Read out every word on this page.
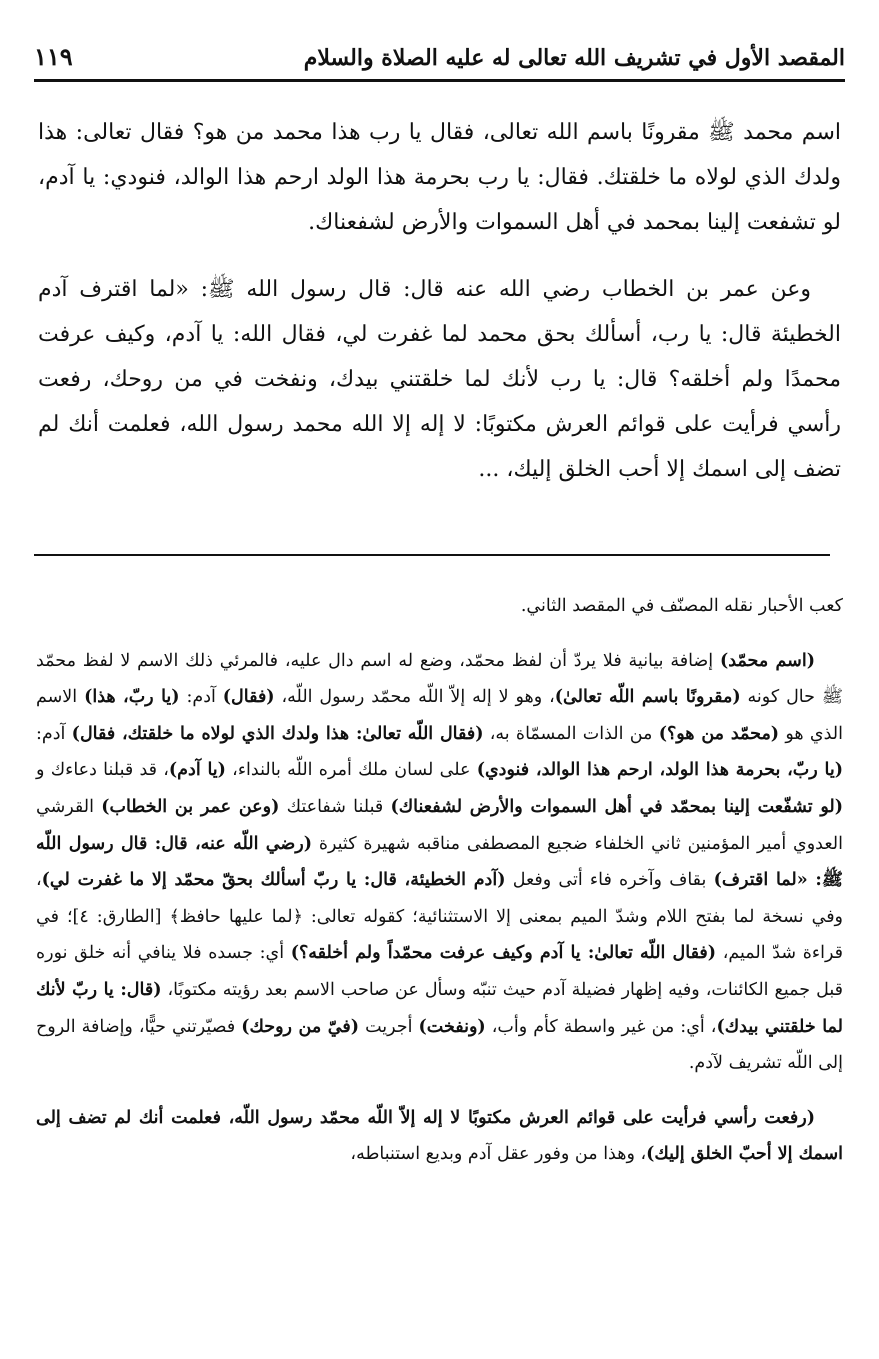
المقصد الأول في تشريف الله تعالى له عليه الصلاة والسلام
١١٩

اسم محمد ﷺ مقرونًا باسم الله تعالى، فقال يا رب هذا محمد من هو؟ فقال تعالى: هذا ولدك الذي لولاه ما خلقتك. فقال: يا رب بحرمة هذا الولد ارحم هذا الوالد، فنودي: يا آدم، لو تشفعت إلينا بمحمد في أهل السموات والأرض لشفعناك.

وعن عمر بن الخطاب رضي الله عنه قال: قال رسول الله ﷺ: «لما اقترف آدم الخطيئة قال: يا رب، أسألك بحق محمد لما غفرت لي، فقال الله: يا آدم، وكيف عرفت محمدًا ولم أخلقه؟ قال: يا رب لأنك لما خلقتني بيدك، ونفخت في من روحك، رفعت رأسي فرأيت على قوائم العرش مكتوبًا: لا إله إلا الله محمد رسول الله، فعلمت أنك لم تضف إلى اسمك إلا أحب الخلق إليك، ...

كعب الأحبار نقله المصنّف في المقصد الثاني.

(اسم محمّد) إضافة بيانية فلا يردّ أن لفظ محمّد، وضع له اسم دال عليه، فالمرئي ذلك الاسم لا لفظ محمّد ﷺ حال كونه (مقرونًا باسم اللّه تعالىٰ)، وهو لا إله إلاّ اللّه محمّد رسول اللّه، (فقال) آدم: (يا ربّ، هذا) الاسم الذي هو (محمّد من هو؟) من الذات المسمّاة به، (فقال اللّه تعالىٰ: هذا ولدك الذي لولاه ما خلقتك، فقال) آدم: (يا ربّ، بحرمة هذا الولد، ارحم هذا الوالد، فنودي) على لسان ملك أمره اللّه بالنداء، (يا آدم)، قد قبلنا دعاءك و (لو تشفّعت إلينا بمحمّد في أهل السموات والأرض لشفعناك) قبلنا شفاعتك (وعن عمر بن الخطاب) القرشي العدوي أمير المؤمنين ثاني الخلفاء ضجيع المصطفى مناقبه شهيرة كثيرة (رضي اللّه عنه، قال: قال رسول اللّه ﷺ: «لما اقترف) بقاف وآخره فاء أتى وفعل (آدم الخطيئة، قال: يا ربّ أسألك بحقّ محمّد إلا ما غفرت لي)، وفي نسخة لما بفتح اللام وشدّ الميم بمعنى إلا الاستثنائية؛ كقوله تعالى: ﴿لما عليها حافظ﴾ [الطارق: ٤]؛ في قراءة شدّ الميم، (فقال اللّه تعالىٰ: يا آدم وكيف عرفت محمّداً ولم أخلقه؟) أي: جسده فلا ينافي أنه خلق نوره قبل جميع الكائنات، وفيه إظهار فضيلة آدم حيث تنبّه وسأل عن صاحب الاسم بعد رؤيته مكتوبًا، (قال: يا ربّ لأنك لما خلقتني بيدك)، أي: من غير واسطة كأم وأب، (ونفخت) أجريت (فيّ من روحك) فصيّرتني حيًّا، وإضافة الروح إلى اللّه تشريف لآدم.

(رفعت رأسي فرأيت على قوائم العرش مكتوبًا لا إله إلاّ اللّه محمّد رسول اللّه، فعلمت أنك لم تضف إلى اسمك إلا أحبّ الخلق إليك)، وهذا من وفور عقل آدم وبديع استنباطه،
